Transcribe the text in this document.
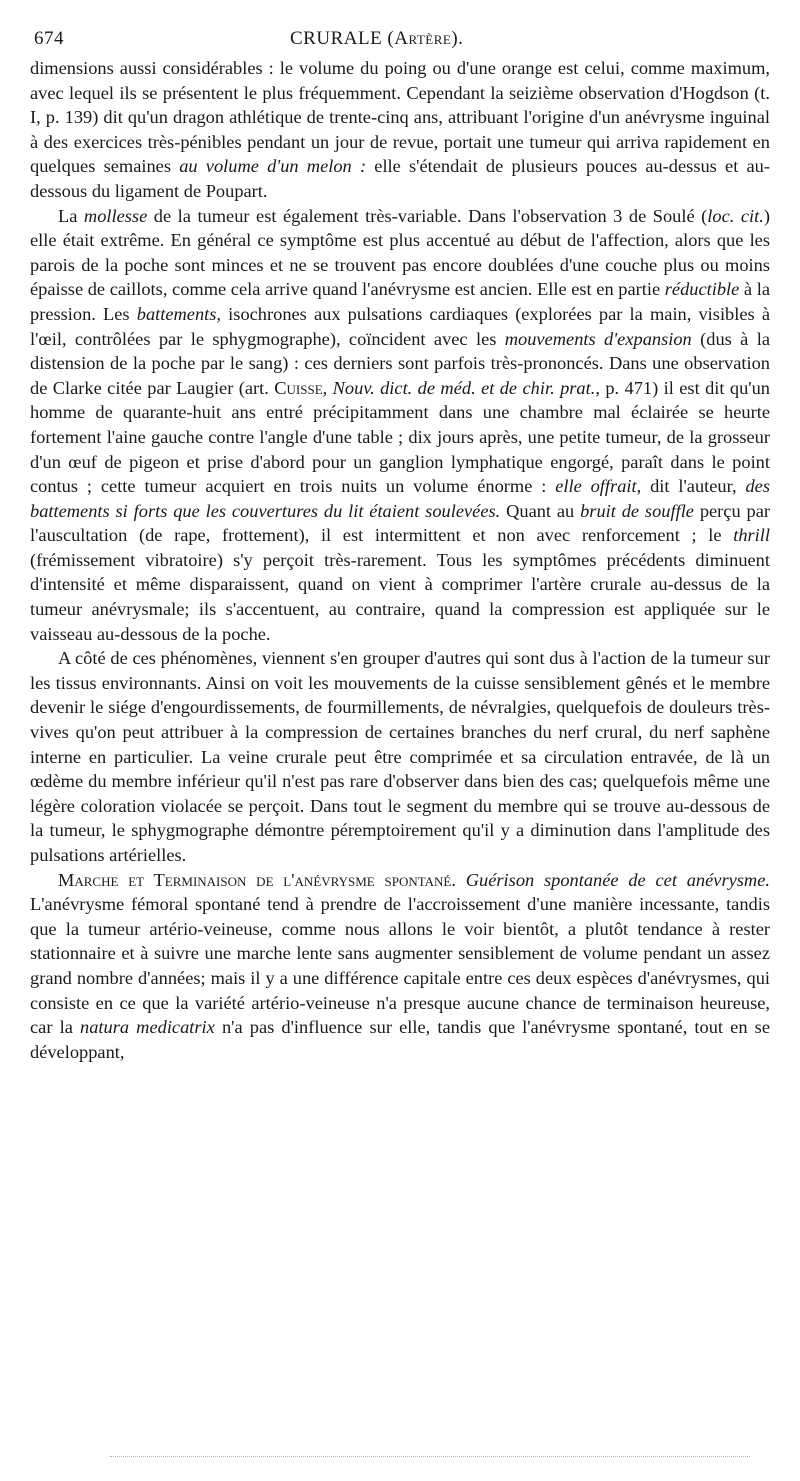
674	CRURALE (Artère).

dimensions aussi considérables : le volume du poing ou d'une orange est celui, comme maximum, avec lequel ils se présentent le plus fréquemment. Cependant la seizième observation d'Hogdson (t. I, p. 139) dit qu'un dragon athlétique de trente-cinq ans, attribuant l'origine d'un anévrysme inguinal à des exercices très-pénibles pendant un jour de revue, portait une tumeur qui arriva rapidement en quelques semaines au volume d'un melon : elle s'étendait de plusieurs pouces au-dessus et au-dessous du ligament de Poupart.

La mollesse de la tumeur est également très-variable. Dans l'observation 3 de Soulé (loc. cit.) elle était extrême. En général ce symptôme est plus accentué au début de l'affection, alors que les parois de la poche sont minces et ne se trouvent pas encore doublées d'une couche plus ou moins épaisse de caillots, comme cela arrive quand l'anévrysme est ancien. Elle est en partie réductible à la pression. Les battements, isochrones aux pulsations cardiaques (explorées par la main, visibles à l'œil, contrôlées par le sphygmographe), coïncident avec les mouvements d'expansion (dus à la distension de la poche par le sang) : ces derniers sont parfois très-prononcés. Dans une observation de Clarke citée par Laugier (art. Cuisse, Nouv. dict. de méd. et de chir. prat., p. 471) il est dit qu'un homme de quarante-huit ans entré précipitamment dans une chambre mal éclairée se heurte fortement l'aine gauche contre l'angle d'une table ; dix jours après, une petite tumeur, de la grosseur d'un œuf de pigeon et prise d'abord pour un ganglion lymphatique engorgé, paraît dans le point contus ; cette tumeur acquiert en trois nuits un volume énorme : elle offrait, dit l'auteur, des battements si forts que les couvertures du lit étaient soulevées. Quant au bruit de souffle perçu par l'auscultation (de rape, frottement), il est intermittent et non avec renforcement ; le thrill (frémissement vibratoire) s'y perçoit très-rarement. Tous les symptômes précédents diminuent d'intensité et même disparaissent, quand on vient à comprimer l'artère crurale au-dessus de la tumeur anévrysmale; ils s'accentuent, au contraire, quand la compression est appliquée sur le vaisseau au-dessous de la poche.

A côté de ces phénomènes, viennent s'en grouper d'autres qui sont dus à l'action de la tumeur sur les tissus environnants. Ainsi on voit les mouvements de la cuisse sensiblement gênés et le membre devenir le siége d'engourdissements, de fourmillements, de névralgies, quelquefois de douleurs très-vives qu'on peut attribuer à la compression de certaines branches du nerf crural, du nerf saphène interne en particulier. La veine crurale peut être comprimée et sa circulation entravée, de là un œdème du membre inférieur qu'il n'est pas rare d'observer dans bien des cas; quelquefois même une légère coloration violacée se perçoit. Dans tout le segment du membre qui se trouve au-dessous de la tumeur, le sphygmographe démontre péremptoirement qu'il y a diminution dans l'amplitude des pulsations artérielles.

Marche et Terminaison de l'anévrysme spontané. Guérison spontanée de cet anévrysme. L'anévrysme fémoral spontané tend à prendre de l'accroissement d'une manière incessante, tandis que la tumeur artério-veineuse, comme nous allons le voir bientôt, a plutôt tendance à rester stationnaire et à suivre une marche lente sans augmenter sensiblement de volume pendant un assez grand nombre d'années; mais il y a une différence capitale entre ces deux espèces d'anévrysmes, qui consiste en ce que la variété artério-veineuse n'a presque aucune chance de terminaison heureuse, car la natura medicatrix n'a pas d'influence sur elle, tandis que l'anévrysme spontané, tout en se développant,
